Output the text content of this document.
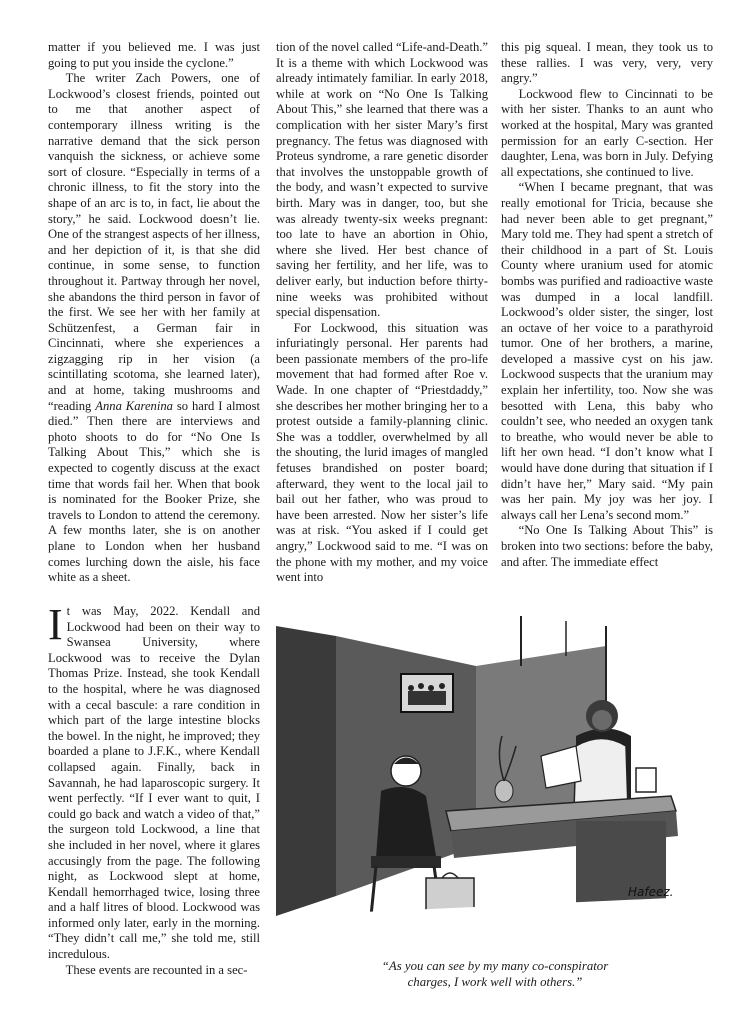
matter if you believed me. I was just going to put you inside the cyclone.”

The writer Zach Powers, one of Lockwood’s closest friends, pointed out to me that another aspect of contemporary illness writing is the narrative demand that the sick person vanquish the sickness, or achieve some sort of closure. “Especially in terms of a chronic illness, to fit the story into the shape of an arc is to, in fact, lie about the story,” he said. Lockwood doesn’t lie. One of the strangest aspects of her illness, and her depiction of it, is that she did continue, in some sense, to function throughout it. Partway through her novel, she abandons the third person in favor of the first. We see her with her family at Schützenfest, a German fair in Cincinnati, where she experiences a zigzagging rip in her vision (a scintillating scotoma, she learned later), and at home, taking mushrooms and “reading Anna Karenina so hard I almost died.” Then there are interviews and photo shoots to do for “No One Is Talking About This,” which she is expected to cogently discuss at the exact time that words fail her. When that book is nominated for the Booker Prize, she travels to London to attend the ceremony. A few months later, she is on another plane to London when her husband comes lurching down the aisle, his face white as a sheet.

It was May, 2022. Kendall and Lockwood had been on their way to Swansea University, where Lockwood was to receive the Dylan Thomas Prize. Instead, she took Kendall to the hospital, where he was diagnosed with a cecal bascule: a rare condition in which part of the large intestine blocks the bowel. In the night, he improved; they boarded a plane to J.F.K., where Kendall collapsed again. Finally, back in Savannah, he had laparoscopic surgery. It went perfectly. “If I ever want to quit, I could go back and watch a video of that,” the surgeon told Lockwood, a line that she included in her novel, where it glares accusingly from the page. The following night, as Lockwood slept at home, Kendall hemorrhaged twice, losing three and a half litres of blood. Lockwood was informed only later, early in the morning. “They didn’t call me,” she told me, still incredulous.

These events are recounted in a sec-

tion of the novel called “Life-and-Death.” It is a theme with which Lockwood was already intimately familiar. In early 2018, while at work on “No One Is Talking About This,” she learned that there was a complication with her sister Mary’s first pregnancy. The fetus was diagnosed with Proteus syndrome, a rare genetic disorder that involves the unstoppable growth of the body, and wasn’t expected to survive birth. Mary was in danger, too, but she was already twenty-six weeks pregnant: too late to have an abortion in Ohio, where she lived. Her best chance of saving her fertility, and her life, was to deliver early, but induction before thirty-nine weeks was prohibited without special dispensation.

For Lockwood, this situation was infuriatingly personal. Her parents had been passionate members of the pro-life movement that had formed after Roe v. Wade. In one chapter of “Priestdaddy,” she describes her mother bringing her to a protest outside a family-planning clinic. She was a toddler, overwhelmed by all the shouting, the lurid images of mangled fetuses brandished on poster board; afterward, they went to the local jail to bail out her father, who was proud to have been arrested. Now her sister’s life was at risk. “You asked if I could get angry,” Lockwood said to me. “I was on the phone with my mother, and my voice went into

this pig squeal. I mean, they took us to these rallies. I was very, very, very angry.”

Lockwood flew to Cincinnati to be with her sister. Thanks to an aunt who worked at the hospital, Mary was granted permission for an early C-section. Her daughter, Lena, was born in July. Defying all expectations, she continued to live.

“When I became pregnant, that was really emotional for Tricia, because she had never been able to get pregnant,” Mary told me. They had spent a stretch of their childhood in a part of St. Louis County where uranium used for atomic bombs was purified and radioactive waste was dumped in a local landfill. Lockwood’s older sister, the singer, lost an octave of her voice to a parathyroid tumor. One of her brothers, a marine, developed a massive cyst on his jaw. Lockwood suspects that the uranium may explain her infertility, too. Now she was besotted with Lena, this baby who couldn’t see, who needed an oxygen tank to breathe, who would never be able to lift her own head. “I don’t know what I would have done during that situation if I didn’t have her,” Mary said. “My pain was her pain. My joy was her joy. I always call her Lena’s second mom.”

“No One Is Talking About This” is broken into two sections: before the baby, and after. The immediate effect

Hafeez.
“As you can see by my many co-conspirator
charges, I work well with others.”
